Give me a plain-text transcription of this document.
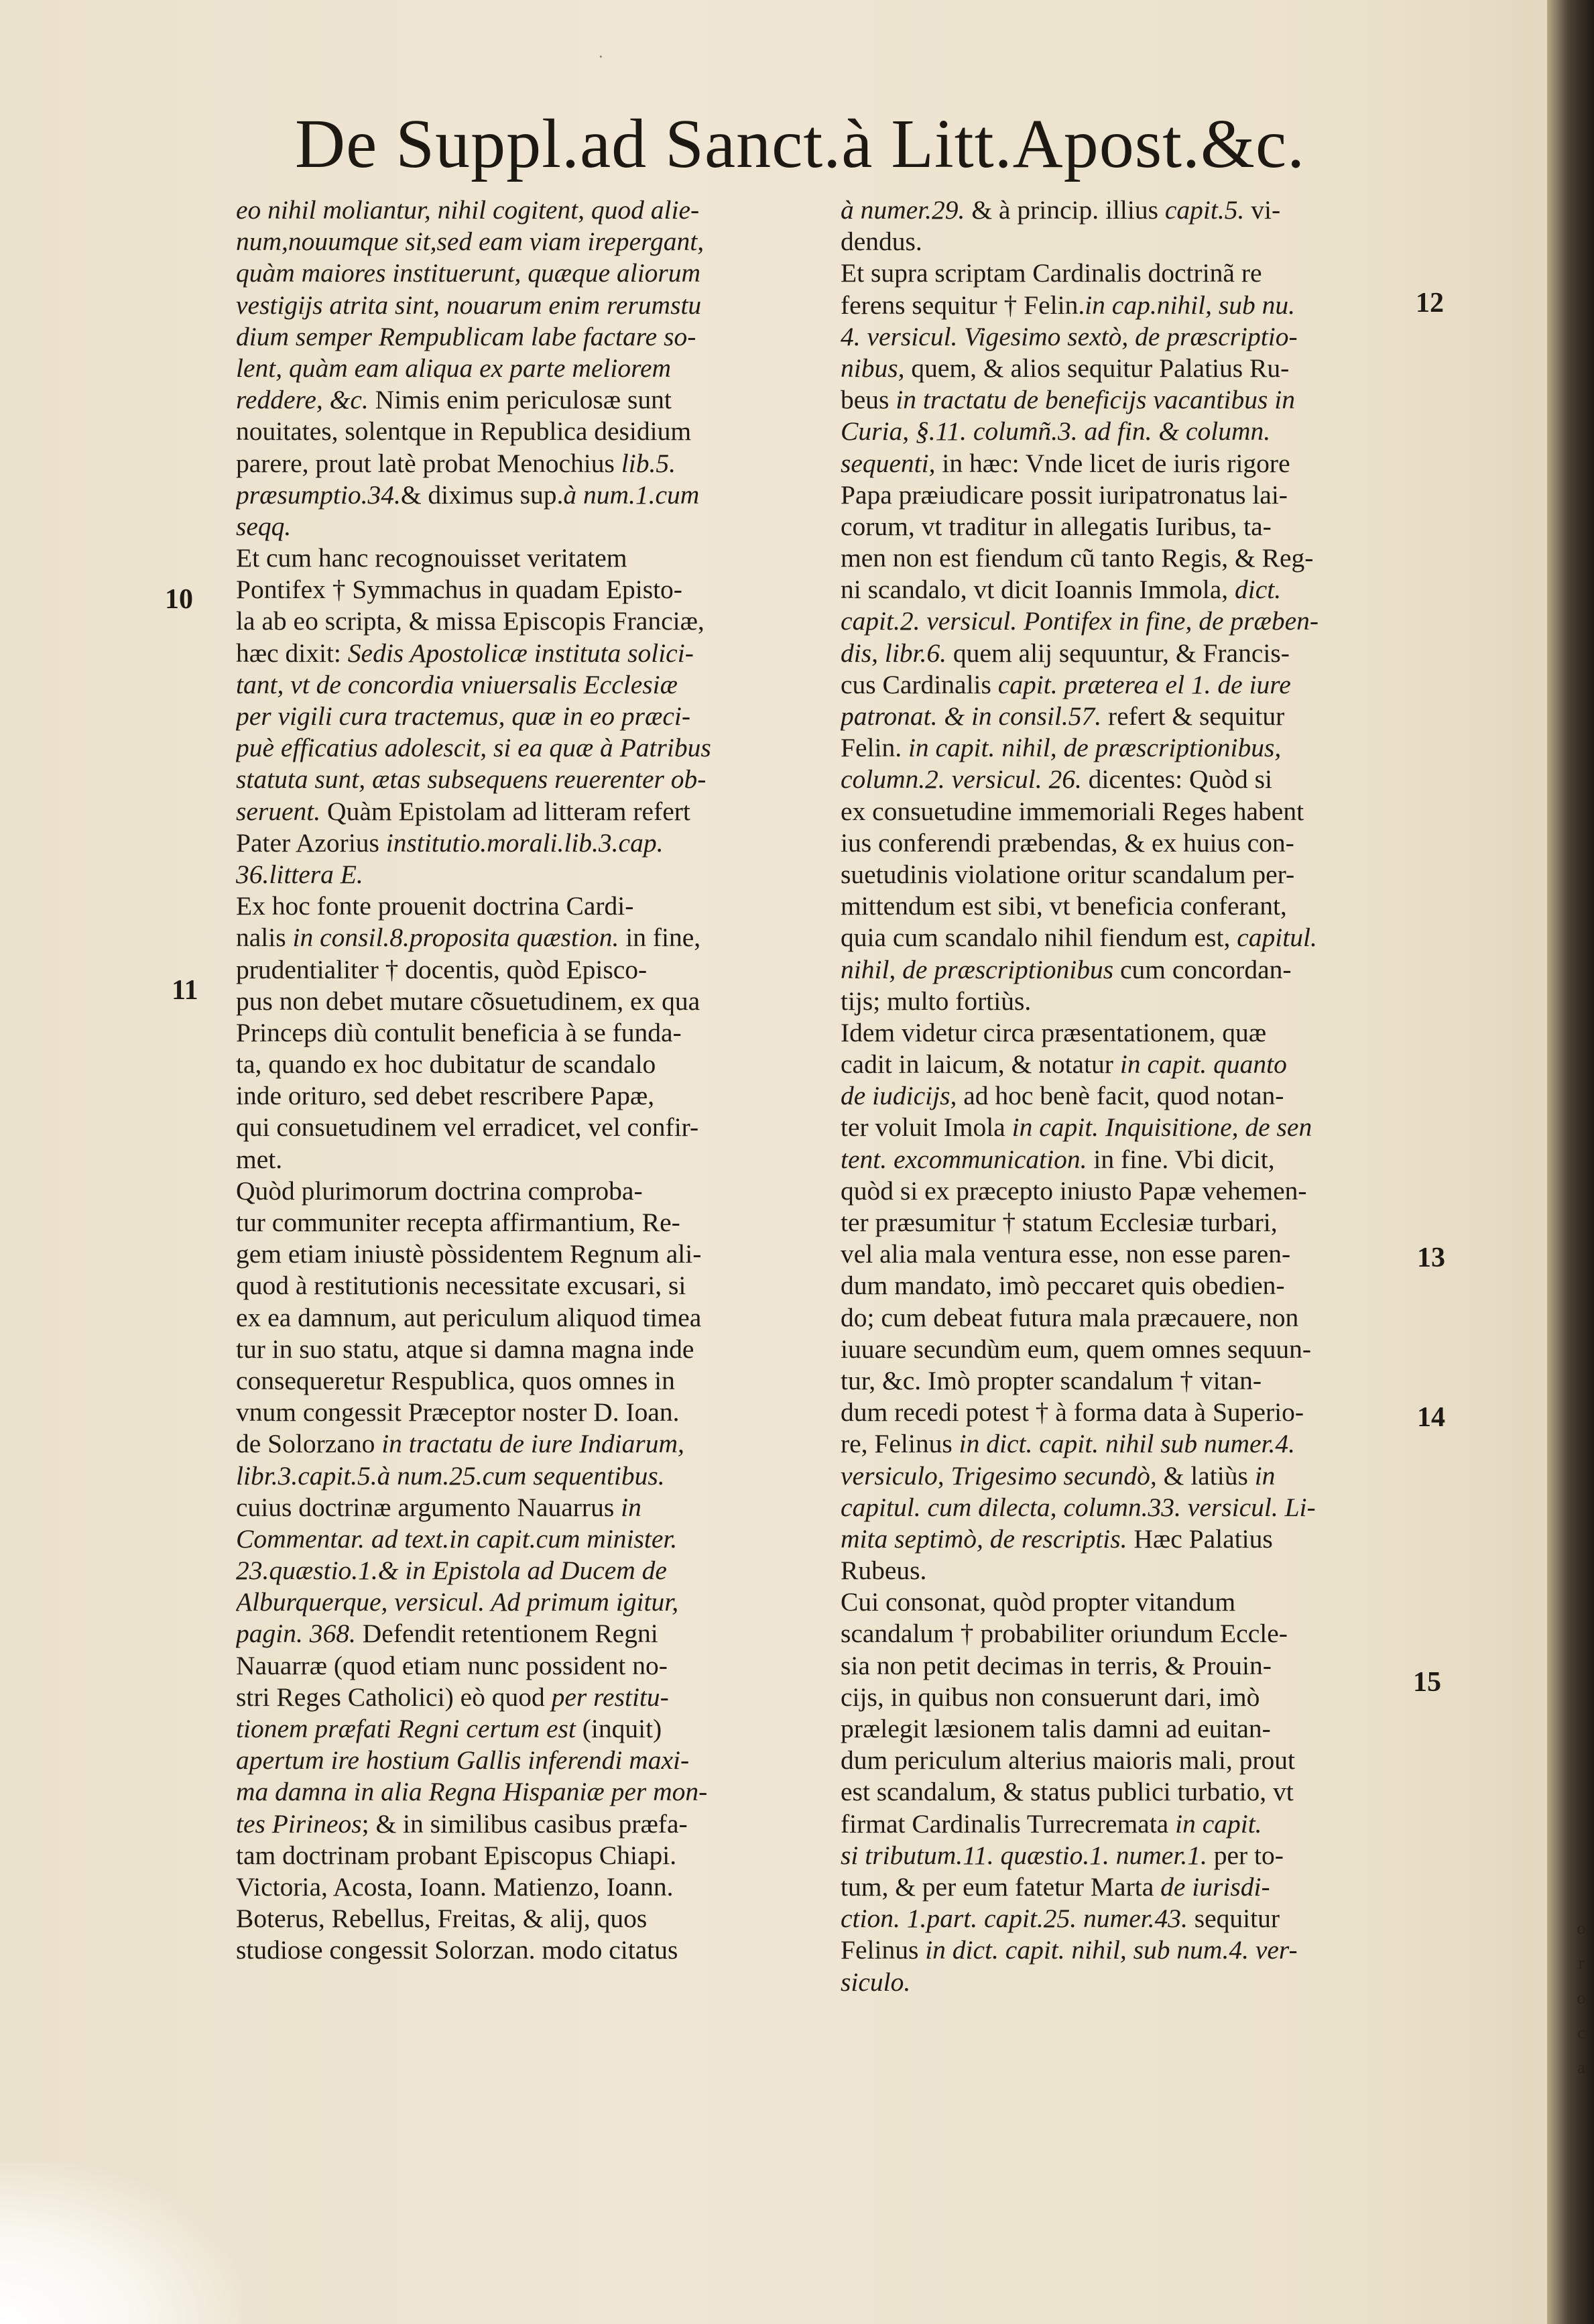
·
De Suppl.ad Sanct.à Litt.Apost.&c.
eo nihil moliantur, nihil cogitent, quod alie-
num,nouumque sit,sed eam viam irepergant,
quàm maiores instituerunt, quæque aliorum
vestigijs atrita sint, nouarum enim rerumstu
dium semper Rempublicam labe factare so-
lent, quàm eam aliqua ex parte meliorem
reddere, &c. Nimis enim periculosæ sunt
nouitates, solentque in Republica desidium
parere, prout latè probat Menochius lib.5.
præsumptio.34.& diximus sup.à num.1.cum
seqq.
Et cum hanc recognouisset veritatem
Pontifex † Symmachus in quadam Episto-
la ab eo scripta, & missa Episcopis Franciæ,
hæc dixit: Sedis Apostolicæ instituta solici-
tant, vt de concordia vniuersalis Ecclesiæ
per vigili cura tractemus, quæ in eo præci-
puè efficatius adolescit, si ea quæ à Patribus
statuta sunt, ætas subsequens reuerenter ob-
seruent. Quàm Epistolam ad litteram refert
Pater Azorius institutio.morali.lib.3.cap.
36.littera E.
Ex hoc fonte prouenit doctrina Cardi-
nalis in consil.8.proposita quæstion. in fine,
prudentialiter † docentis, quòd Episco-
pus non debet mutare cõsuetudinem, ex qua
Princeps diù contulit beneficia à se funda-
ta, quando ex hoc dubitatur de scandalo
inde orituro, sed debet rescribere Papæ,
qui consuetudinem vel erradicet, vel confir-
met.
Quòd plurimorum doctrina comproba-
tur communiter recepta affirmantium, Re-
gem etiam iniustè pòssidentem Regnum ali-
quod à restitutionis necessitate excusari, si
ex ea damnum, aut periculum aliquod timea
tur in suo statu, atque si damna magna inde
consequeretur Respublica, quos omnes in
vnum congessit Præceptor noster D. Ioan.
de Solorzano in tractatu de iure Indiarum,
libr.3.capit.5.à num.25.cum sequentibus.
cuius doctrinæ argumento Nauarrus in
Commentar. ad text.in capit.cum minister.
23.quæstio.1.& in Epistola ad Ducem de
Alburquerque, versicul. Ad primum igitur,
pagin. 368. Defendit retentionem Regni
Nauarræ (quod etiam nunc possident no-
stri Reges Catholici) eò quod per restitu-
tionem præfati Regni certum est (inquit)
apertum ire hostium Gallis inferendi maxi-
ma damna in alia Regna Hispaniæ per mon-
tes Pirineos; & in similibus casibus præfa-
tam doctrinam probant Episcopus Chiapi.
Victoria, Acosta, Ioann. Matienzo, Ioann.
Boterus, Rebellus, Freitas, & alij, quos
studiose congessit Solorzan. modo citatus
à numer.29. & à princip. illius capit.5. vi-
dendus.
Et supra scriptam Cardinalis doctrinã re
ferens sequitur † Felin.in cap.nihil, sub nu.
4. versicul. Vigesimo sextò, de præscriptio-
nibus, quem, & alios sequitur Palatius Ru-
beus in tractatu de beneficijs vacantibus in
Curia, §.11. columñ.3. ad fin. & column.
sequenti, in hæc: Vnde licet de iuris rigore
Papa præiudicare possit iuripatronatus lai-
corum, vt traditur in allegatis Iuribus, ta-
men non est fiendum cũ tanto Regis, & Reg-
ni scandalo, vt dicit Ioannis Immola, dict.
capit.2. versicul. Pontifex in fine, de præben-
dis, libr.6. quem alij sequuntur, & Francis-
cus Cardinalis capit. præterea el 1. de iure
patronat. & in consil.57. refert & sequitur
Felin. in capit. nihil, de præscriptionibus,
column.2. versicul. 26. dicentes: Quòd si
ex consuetudine immemoriali Reges habent
ius conferendi præbendas, & ex huius con-
suetudinis violatione oritur scandalum per-
mittendum est sibi, vt beneficia conferant,
quia cum scandalo nihil fiendum est, capitul.
nihil, de præscriptionibus cum concordan-
tijs; multo fortiùs.
Idem videtur circa præsentationem, quæ
cadit in laicum, & notatur in capit. quanto
de iudicijs, ad hoc benè facit, quod notan-
ter voluit Imola in capit. Inquisitione, de sen
tent. excommunication. in fine. Vbi dicit,
quòd si ex præcepto iniusto Papæ vehemen-
ter præsumitur † statum Ecclesiæ turbari,
vel alia mala ventura esse, non esse paren-
dum mandato, imò peccaret quis obedien-
do; cum debeat futura mala præcauere, non
iuuare secundùm eum, quem omnes sequun-
tur, &c. Imò propter scandalum † vitan-
dum recedi potest † à forma data à Superio-
re, Felinus in dict. capit. nihil sub numer.4.
versiculo, Trigesimo secundò, & latiùs in
capitul. cum dilecta, column.33. versicul. Li-
mita septimò, de rescriptis. Hæc Palatius
Rubeus.
Cui consonat, quòd propter vitandum
scandalum † probabiliter oriundum Eccle-
sia non petit decimas in terris, & Prouin-
cijs, in quibus non consuerunt dari, imò
prælegit læsionem talis damni ad euitan-
dum periculum alterius maioris mali, prout
est scandalum, & status publici turbatio, vt
firmat Cardinalis Turrecremata in capit.
si tributum.11. quæstio.1. numer.1. per to-
tum, & per eum fatetur Marta de iurisdi-
ction. 1.part. capit.25. numer.43. sequitur
Felinus in dict. capit. nihil, sub num.4. ver-
siculo.
10
11
12
13
14
15
o
r
o
c
a
